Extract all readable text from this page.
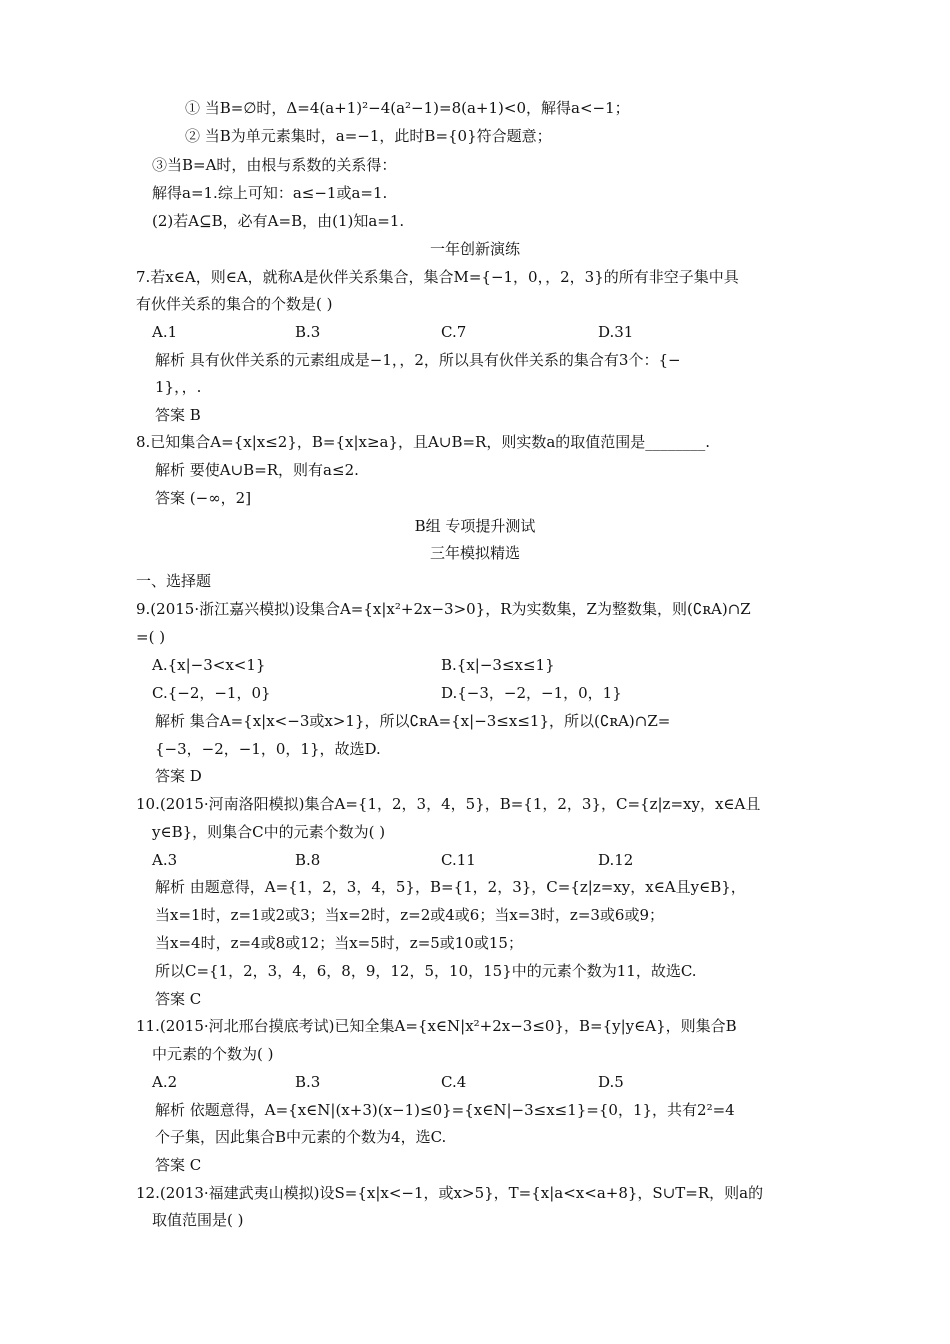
① 当B=∅时，Δ=4(a+1)²−4(a²−1)=8(a+1)<0，解得a<−1；
② 当B为单元素集时，a=−1，此时B={0}符合题意；
③当B=A时，由根与系数的关系得：
解得a=1.综上可知：a≤−1或a=1.
(2)若A⊆B，必有A=B，由(1)知a=1.
一年创新演练
7.若x∈A，则∈A，就称A是伙伴关系集合，集合M={−1，0，，2，3}的所有非空子集中具
有伙伴关系的集合的个数是( )
A.1	B.3	C.7	D.31
解析 具有伙伴关系的元素组成是−1，，2，所以具有伙伴关系的集合有3个：{−
1}，，.
答案 B
8.已知集合A={x|x≤2}，B={x|x≥a}，且A∪B=R，则实数a的取值范围是________.
解析 要使A∪B=R，则有a≤2.
答案 (−∞，2]
B组 专项提升测试
三年模拟精选
一、选择题
9.(2015·浙江嘉兴模拟)设集合A={x|x²+2x−3>0}，R为实数集，Z为整数集，则(∁ʀA)∩Z
=( )
A.{x|−3<x<1}	B.{x|−3≤x≤1}
C.{−2，−1，0}	D.{−3，−2，−1，0，1}
解析 集合A={x|x<−3或x>1}，所以∁ʀA={x|−3≤x≤1}，所以(∁ʀA)∩Z=
{−3，−2，−1，0，1}，故选D.
答案 D
10.(2015·河南洛阳模拟)集合A={1，2，3，4，5}，B={1，2，3}，C={z|z=xy，x∈A且
y∈B}，则集合C中的元素个数为( )
A.3	B.8	C.11	D.12
解析 由题意得，A={1，2，3，4，5}，B={1，2，3}，C={z|z=xy，x∈A且y∈B}，
当x=1时，z=1或2或3；当x=2时，z=2或4或6；当x=3时，z=3或6或9；
当x=4时，z=4或8或12；当x=5时，z=5或10或15；
所以C={1，2，3，4，6，8，9，12，5，10，15}中的元素个数为11，故选C.
答案 C
11.(2015·河北邢台摸底考试)已知全集A={x∈N|x²+2x−3≤0}，B={y|y∈A}，则集合B
中元素的个数为( )
A.2	B.3	C.4	D.5
解析 依题意得，A={x∈N|(x+3)(x−1)≤0}={x∈N|−3≤x≤1}={0，1}，共有2²=4
个子集，因此集合B中元素的个数为4，选C.
答案 C
12.(2013·福建武夷山模拟)设S={x|x<−1，或x>5}，T={x|a<x<a+8}，S∪T=R，则a的
取值范围是( )
